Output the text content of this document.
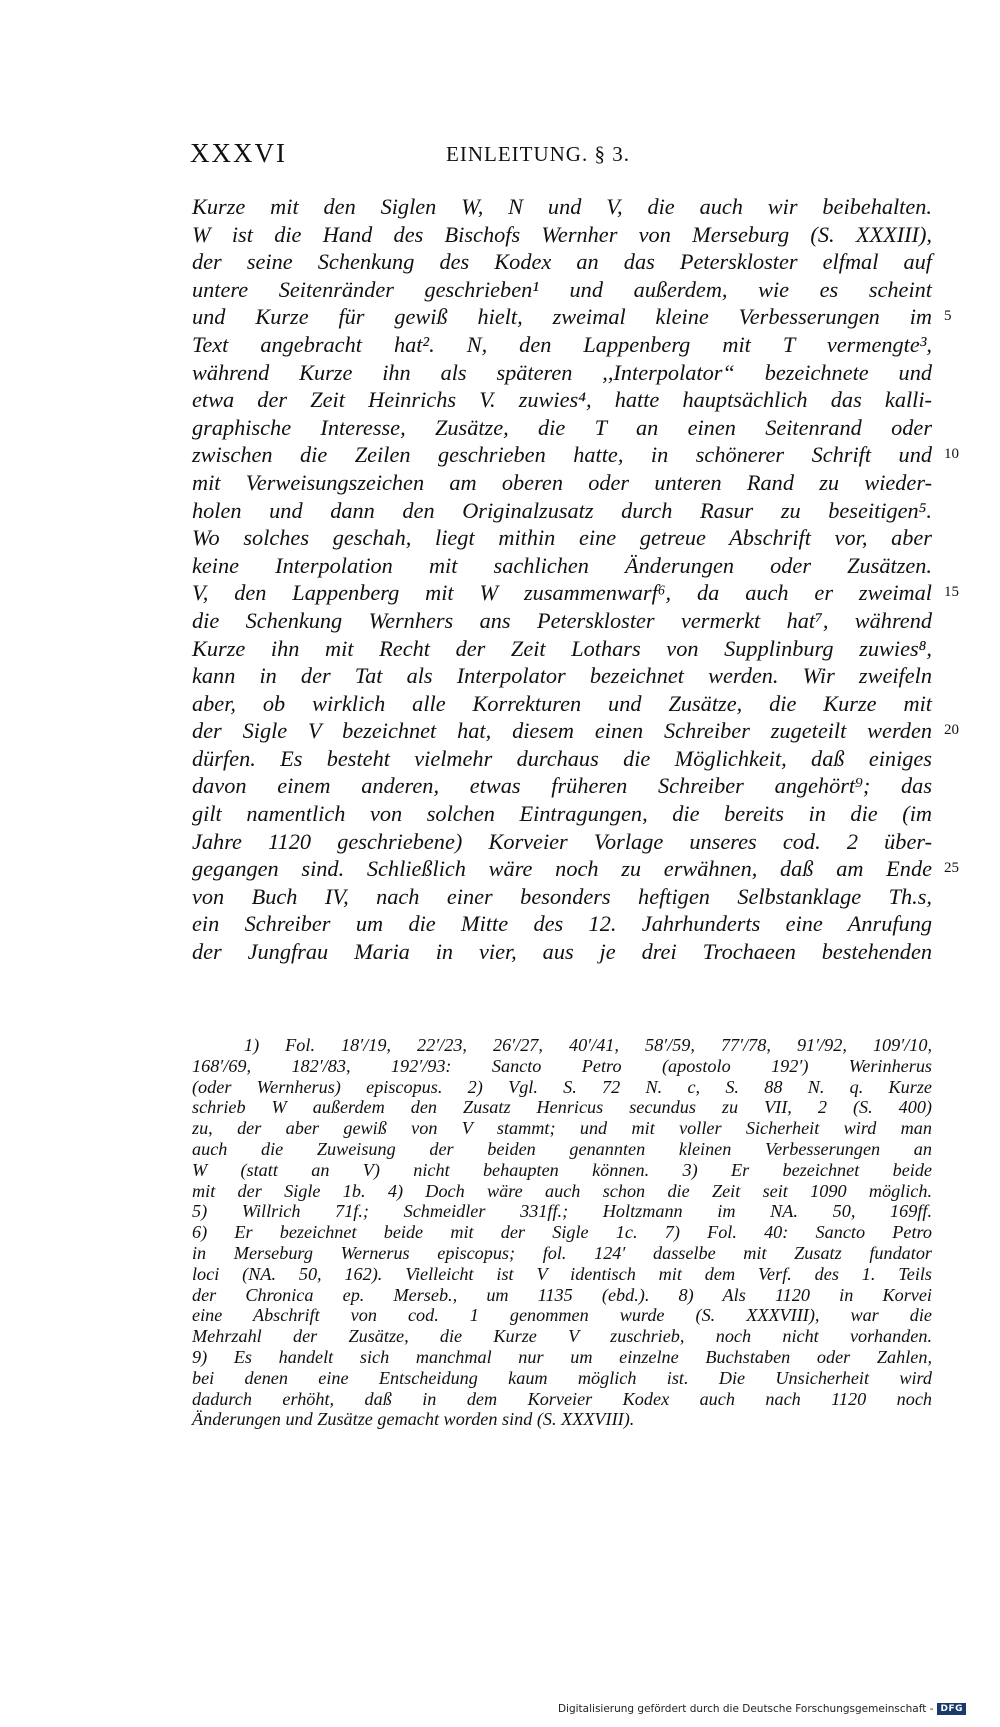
XXXVI	EINLEITUNG. § 3.
Kurze mit den Siglen W, N und V, die auch wir beibehalten.
W ist die Hand des Bischofs Wernher von Merseburg (S. XXXIII),
der seine Schenkung des Kodex an das Peterskloster elfmal auf
untere Seitenränder geschrieben¹ und außerdem, wie es scheint
und Kurze für gewiß hielt, zweimal kleine Verbesserungen im
Text angebracht hat². N, den Lappenberg mit T vermengte³,
während Kurze ihn als späteren ,,Interpolator“ bezeichnete und
etwa der Zeit Heinrichs V. zuwies⁴, hatte hauptsächlich das kalli-
graphische Interesse, Zusätze, die T an einen Seitenrand oder
zwischen die Zeilen geschrieben hatte, in schönerer Schrift und
mit Verweisungszeichen am oberen oder unteren Rand zu wieder-
holen und dann den Originalzusatz durch Rasur zu beseitigen⁵.
Wo solches geschah, liegt mithin eine getreue Abschrift vor, aber
keine Interpolation mit sachlichen Änderungen oder Zusätzen.
V, den Lappenberg mit W zusammenwarf⁶, da auch er zweimal
die Schenkung Wernhers ans Peterskloster vermerkt hat⁷, während
Kurze ihn mit Recht der Zeit Lothars von Supplinburg zuwies⁸,
kann in der Tat als Interpolator bezeichnet werden. Wir zweifeln
aber, ob wirklich alle Korrekturen und Zusätze, die Kurze mit
der Sigle V bezeichnet hat, diesem einen Schreiber zugeteilt werden
dürfen. Es besteht vielmehr durchaus die Möglichkeit, daß einiges
davon einem anderen, etwas früheren Schreiber angehört⁹; das
gilt namentlich von solchen Eintragungen, die bereits in die (im
Jahre 1120 geschriebene) Korveier Vorlage unseres cod. 2 über-
gegangen sind. Schließlich wäre noch zu erwähnen, daß am Ende
von Buch IV, nach einer besonders heftigen Selbstanklage Th.s,
ein Schreiber um die Mitte des 12. Jahrhunderts eine Anrufung
der Jungfrau Maria in vier, aus je drei Trochaeen bestehenden
5
10
15
20
25
1) Fol. 18′/19, 22′/23, 26′/27, 40′/41, 58′/59, 77′/78, 91′/92, 109′/10,
168′/69, 182′/83, 192′/93: Sancto Petro (apostolo 192′) Werinherus
(oder Wernherus) episcopus. 2) Vgl. S. 72 N. c, S. 88 N. q. Kurze
schrieb W außerdem den Zusatz Henricus secundus zu VII, 2 (S. 400)
zu, der aber gewiß von V stammt; und mit voller Sicherheit wird man
auch die Zuweisung der beiden genannten kleinen Verbesserungen an
W (statt an V) nicht behaupten können. 3) Er bezeichnet beide
mit der Sigle 1b. 4) Doch wäre auch schon die Zeit seit 1090 möglich.
5) Willrich 71f.; Schmeidler 331ff.; Holtzmann im NA. 50, 169ff.
6) Er bezeichnet beide mit der Sigle 1c. 7) Fol. 40: Sancto Petro
in Merseburg Wernerus episcopus; fol. 124′ dasselbe mit Zusatz fundator
loci (NA. 50, 162). Vielleicht ist V identisch mit dem Verf. des 1. Teils
der Chronica ep. Merseb., um 1135 (ebd.). 8) Als 1120 in Korvei
eine Abschrift von cod. 1 genommen wurde (S. XXXVIII), war die
Mehrzahl der Zusätze, die Kurze V zuschrieb, noch nicht vorhanden.
9) Es handelt sich manchmal nur um einzelne Buchstaben oder Zahlen,
bei denen eine Entscheidung kaum möglich ist. Die Unsicherheit wird
dadurch erhöht, daß in dem Korveier Kodex auch nach 1120 noch
Änderungen und Zusätze gemacht worden sind (S. XXXVIII).
Digitalisierung gefördert durch die Deutsche Forschungsgemeinschaft - DFG
